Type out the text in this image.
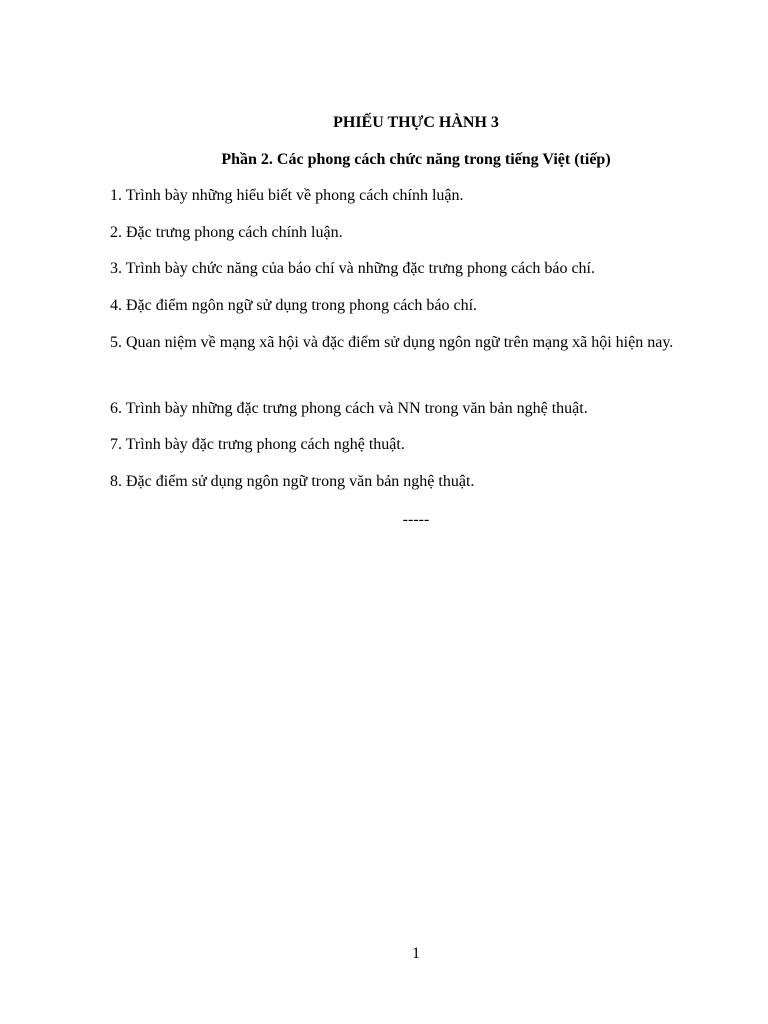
PHIẾU THỰC HÀNH 3
Phần 2. Các phong cách chức năng trong tiếng Việt (tiếp)
1. Trình bày những hiểu biết về phong cách chính luận.
2. Đặc trưng phong cách chính luận.
3. Trình bày chức năng của báo chí và những đặc trưng phong cách báo chí.
4. Đặc điểm ngôn ngữ sử dụng trong phong cách báo chí.
5. Quan niệm về mạng xã hội và đặc điểm sử dụng ngôn ngữ trên mạng xã hội hiện nay.
6. Trình bày những đặc trưng phong cách và NN trong văn bản nghệ thuật.
7. Trình bày đặc trưng phong cách nghệ thuật.
8. Đặc điểm sử dụng ngôn ngữ trong văn bản nghệ thuật.
-----
1
